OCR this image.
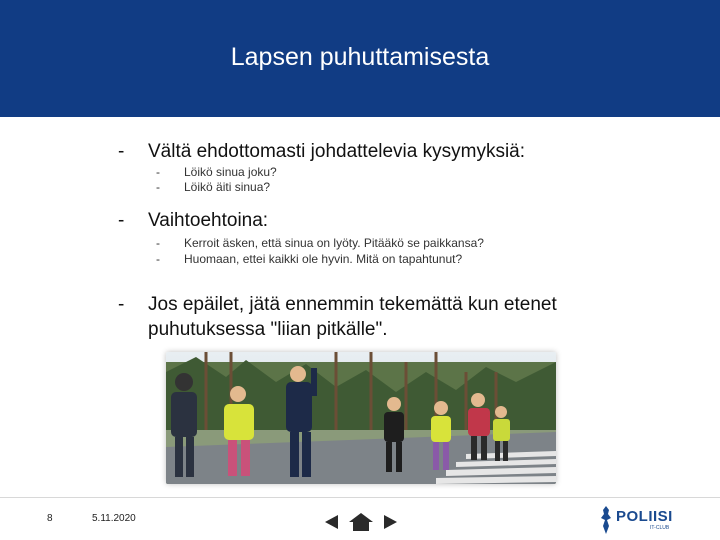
Lapsen puhuttamisesta
-	Vältä ehdottomasti johdattelevia kysymyksiä:
- Löikö sinua joku?
- Löikö äiti sinua?
-	Vaihtoehtoina:
- Kerroit äsken, että sinua on lyöty. Pitääkö se paikkansa?
- Huomaan, ettei kaikki ole hyvin. Mitä on tapahtunut?
-	Jos epäilet, jätä ennemmin tekemättä kun etenet
puhutuksessa "liian pitkälle".
8	5.11.2020	POLIISI
IT-CLUB
